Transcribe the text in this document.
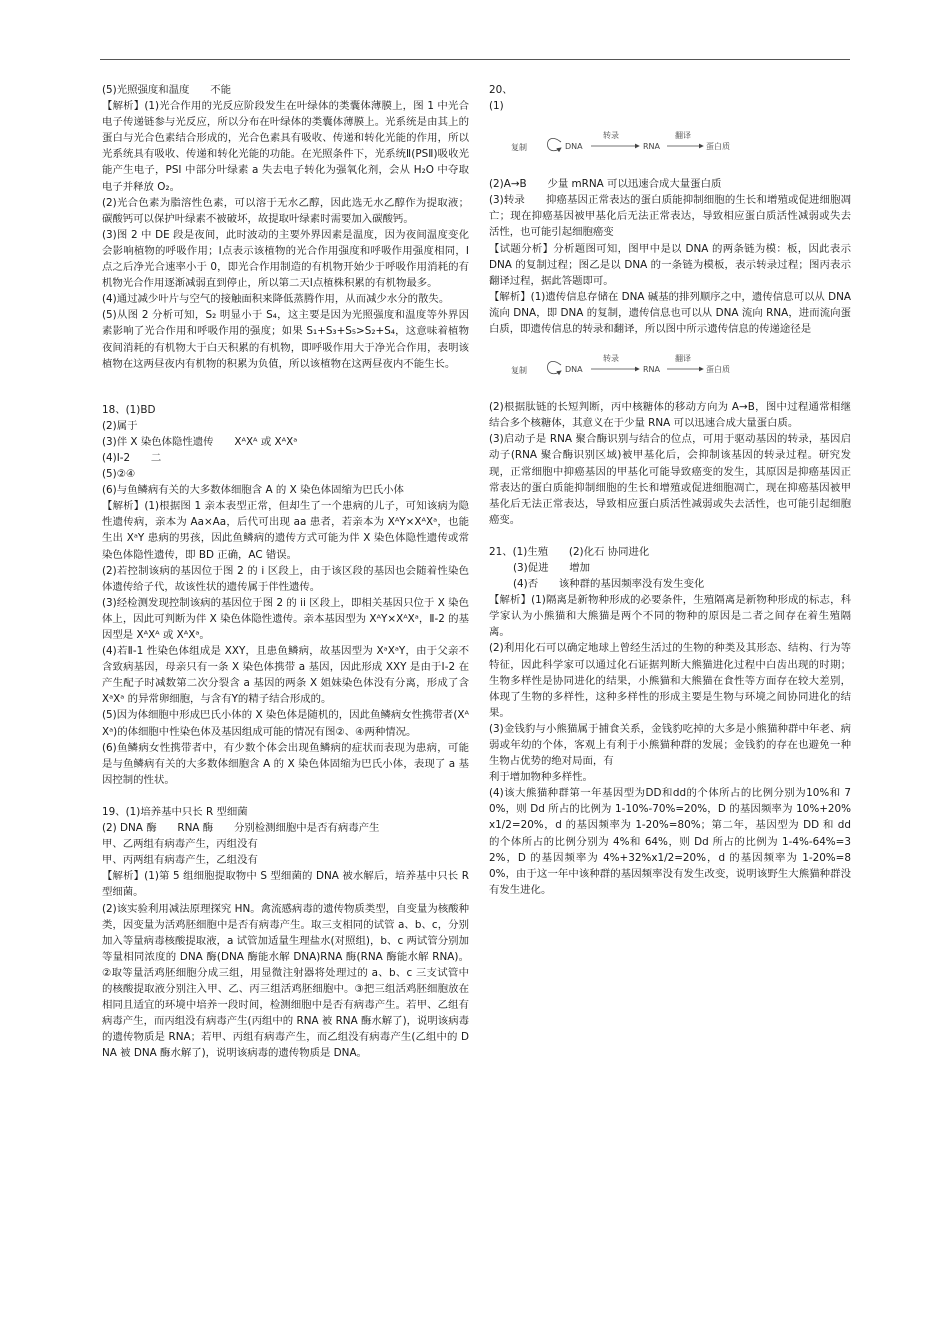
(5)光照强度和温度　　不能

【解析】(1)光合作用的光反应阶段发生在叶绿体的类囊体薄膜上，图 1 中光合电子传递链参与光反应，所以分布在叶绿体的类囊体薄膜上。光系统是由其上的蛋白与光合色素结合形成的，光合色素具有吸收、传递和转化光能的作用，所以光系统具有吸收、传递和转化光能的功能。在光照条件下，光系统Ⅱ(PSⅡ)吸收光能产生电子，PSI 中部分叶绿素 a 失去电子转化为强氧化剂，会从 H₂O 中夺取电子并释放 O₂。

(2)光合色素为脂溶性色素，可以溶于无水乙醇，因此选无水乙醇作为提取液；碳酸钙可以保护叶绿素不被破坏，故提取叶绿素时需要加入碳酸钙。

(3)图 2 中 DE 段是夜间，此时波动的主要外界因素是温度，因为夜间温度变化会影响植物的呼吸作用；Ⅰ点表示该植物的光合作用强度和呼吸作用强度相同，Ⅰ点之后净光合速率小于 0，即光合作用制造的有机物开始少于呼吸作用消耗的有机物光合作用逐渐减弱直到停止，所以第二天Ⅰ点植株积累的有机物最多。

(4)通过减少叶片与空气的接触面积来降低蒸腾作用，从而减少水分的散失。

(5)从图 2 分析可知，S₂ 明显小于 S₄，这主要是因为光照强度和温度等外界因素影响了光合作用和呼吸作用的强度；如果 S₁+S₃+S₅>S₂+S₄，这意味着植物夜间消耗的有机物大于白天积累的有机物，即呼吸作用大于净光合作用，表明该植物在这两昼夜内有机物的积累为负值，所以该植物在这两昼夜内不能生长。

18、(1)BD

(2)属于

(3)伴 X 染色体隐性遗传　　XᴬXᴬ 或 XᴬXᵃ

(4)Ⅰ-2　　二

(5)②④

(6)与鱼鳞病有关的大多数体细胞含 A 的 X 染色体固缩为巴氏小体

【解析】(1)根据图 1 亲本表型正常，但却生了一个患病的儿子，可知该病为隐性遗传病，亲本为 Aa×Aa，后代可出现 aa 患者，若亲本为 XᴬY×XᴬXᵃ，也能生出 XᵃY 患病的男孩，因此鱼鳞病的遗传方式可能为伴 X 染色体隐性遗传或常染色体隐性遗传，即 BD 正确，AC 错误。

(2)若控制该病的基因位于图 2 的 i 区段上，由于该区段的基因也会随着性染色体遗传给子代，故该性状的遗传属于伴性遗传。

(3)经检测发现控制该病的基因位于图 2 的 ii 区段上，即相关基因只位于 X 染色体上，因此可判断为伴 X 染色体隐性遗传。亲本基因型为 XᴬY×XᴬXᵃ，Ⅱ-2 的基因型是 XᴬXᴬ 或 XᴬXᵃ。

(4)若Ⅱ-1 性染色体组成是 XXY，且患鱼鳞病，故基因型为 XᵃXᵃY，由于父亲不含致病基因，母亲只有一条 X 染色体携带 a 基因，因此形成 XXY 是由于Ⅰ-2 在产生配子时减数第二次分裂含 a 基因的两条 X 姐妹染色体没有分离，形成了含 XᵃXᵃ 的异常卵细胞，与含有Y的精子结合形成的。

(5)因为体细胞中形成巴氏小体的 X 染色体是随机的，因此鱼鳞病女性携带者(XᴬXᵃ)的体细胞中性染色体及基因组成可能的情况有图②、④两种情况。

(6)鱼鳞病女性携带者中，有少数个体会出现鱼鳞病的症状而表现为患病，可能是与鱼鳞病有关的大多数体细胞含 A 的 X 染色体固缩为巴氏小体，表现了 a 基因控制的性状。

19、(1)培养基中只长 R 型细菌

(2) DNA 酶　　RNA 酶　　分别检测细胞中是否有病毒产生

甲、乙两组有病毒产生，丙组没有

甲、丙两组有病毒产生，乙组没有

【解析】(1)第 5 组细胞提取物中 S 型细菌的 DNA 被水解后，培养基中只长 R 型细菌。

(2)该实验利用减法原理探究 HN。禽流感病毒的遗传物质类型，自变量为核酸种类，因变量为活鸡胚细胞中是否有病毒产生。取三支相同的试管 a、b、c，分别加入等量病毒核酸提取液，a 试管加适量生理盐水(对照组)，b、c 两试管分别加等量相同浓度的 DNA 酶(DNA 酶能水解 DNA)RNA 酶(RNA 酶能水解 RNA)。②取等量活鸡胚细胞分成三组，用显微注射器将处理过的 a、b、c 三支试管中的核酸提取液分别注入甲、乙、丙三组活鸡胚细胞中。③把三组活鸡胚细胞放在相同且适宜的环境中培养一段时间，检测细胞中是否有病毒产生。若甲、乙组有病毒产生，而丙组没有病毒产生(丙组中的 RNA 被 RNA 酶水解了)，说明该病毒的遗传物质是 RNA；若甲、丙组有病毒产生，而乙组没有病毒产生(乙组中的 DNA 被 DNA 酶水解了)，说明该病毒的遗传物质是 DNA。

20、

(1)

复制	DNA
转录
RNA
翻译
蛋白质

(2)A→B　　少量 mRNA 可以迅速合成大量蛋白质

(3)转录　　抑癌基因正常表达的蛋白质能抑制细胞的生长和增殖或促进细胞凋亡；现在抑癌基因被甲基化后无法正常表达，导致相应蛋白质活性减弱或失去活性，也可能引起细胞癌变

【试题分析】分析题图可知，图甲中是以 DNA 的两条链为模：板，因此表示 DNA 的复制过程；图乙是以 DNA 的一条链为模板，表示转录过程；图丙表示翻译过程，据此答题即可。

【解析】(1)遗传信息存储在 DNA 碱基的排列顺序之中，遗传信息可以从 DNA 流向 DNA，即 DNA 的复制，遗传信息也可以从 DNA 流向 RNA，进而流向蛋白质，即遗传信息的转录和翻译，所以图中所示遗传信息的传递途径是

复制	DNA
转录
RNA
翻译
蛋白质

(2)根据肽链的长短判断，丙中核糖体的移动方向为 A→B，图中过程通常相继结合多个核糖体，其意义在于少量 RNA 可以迅速合成大量蛋白质。

(3)启动子是 RNA 聚合酶识别与结合的位点，可用于驱动基因的转录，基因启动子(RNA 聚合酶识别区域)被甲基化后，会抑制该基因的转录过程。研究发现，正常细胞中抑癌基因的甲基化可能导致癌变的发生，其原因是抑癌基因正常表达的蛋白质能抑制细胞的生长和增殖或促进细胞凋亡，现在抑癌基因被甲基化后无法正常表达，导致相应蛋白质活性减弱或失去活性，也可能引起细胞癌变。

21、(1)生殖　　(2)化石 协同进化

(3)促进　　增加

(4)否　　该种群的基因频率没有发生变化

【解析】(1)隔离是新物种形成的必要条件，生殖隔离是新物种形成的标志，科学家认为小熊猫和大熊猫是两个不同的物种的原因是二者之间存在着生殖隔离。

(2)利用化石可以确定地球上曾经生活过的生物的种类及其形态、结构、行为等特征，因此科学家可以通过化石证据判断大熊猫进化过程中白齿出现的时期；生物多样性是协同进化的结果，小熊猫和大熊猫在食性等方面存在较大差别，体现了生物的多样性，这种多样性的形成主要是生物与环境之间协同进化的结果。

(3)金钱豹与小熊猫属于捕食关系，金钱豹吃掉的大多是小熊猫种群中年老、病弱或年幼的个体，客观上有利于小熊猫种群的发展；金钱豹的存在也避免一种生物占优势的绝对局面，有

利于增加物种多样性。

(4)该大熊猫种群第一年基因型为DD和dd的个体所占的比例分别为10%和 70%，则 Dd 所占的比例为 1-10%-70%=20%，D 的基因频率为 10%+20%x1/2=20%，d 的基因频率为 1-20%=80%；第二年，基因型为 DD 和 dd 的个体所占的比例分别为 4%和 64%，则 Dd 所占的比例为 1-4%-64%=32%，D 的基因频率为 4%+32%x1/2=20%，d 的基因频率为 1-20%=80%，由于这一年中该种群的基因频率没有发生改变，说明该野生大熊猫种群没有发生进化。
